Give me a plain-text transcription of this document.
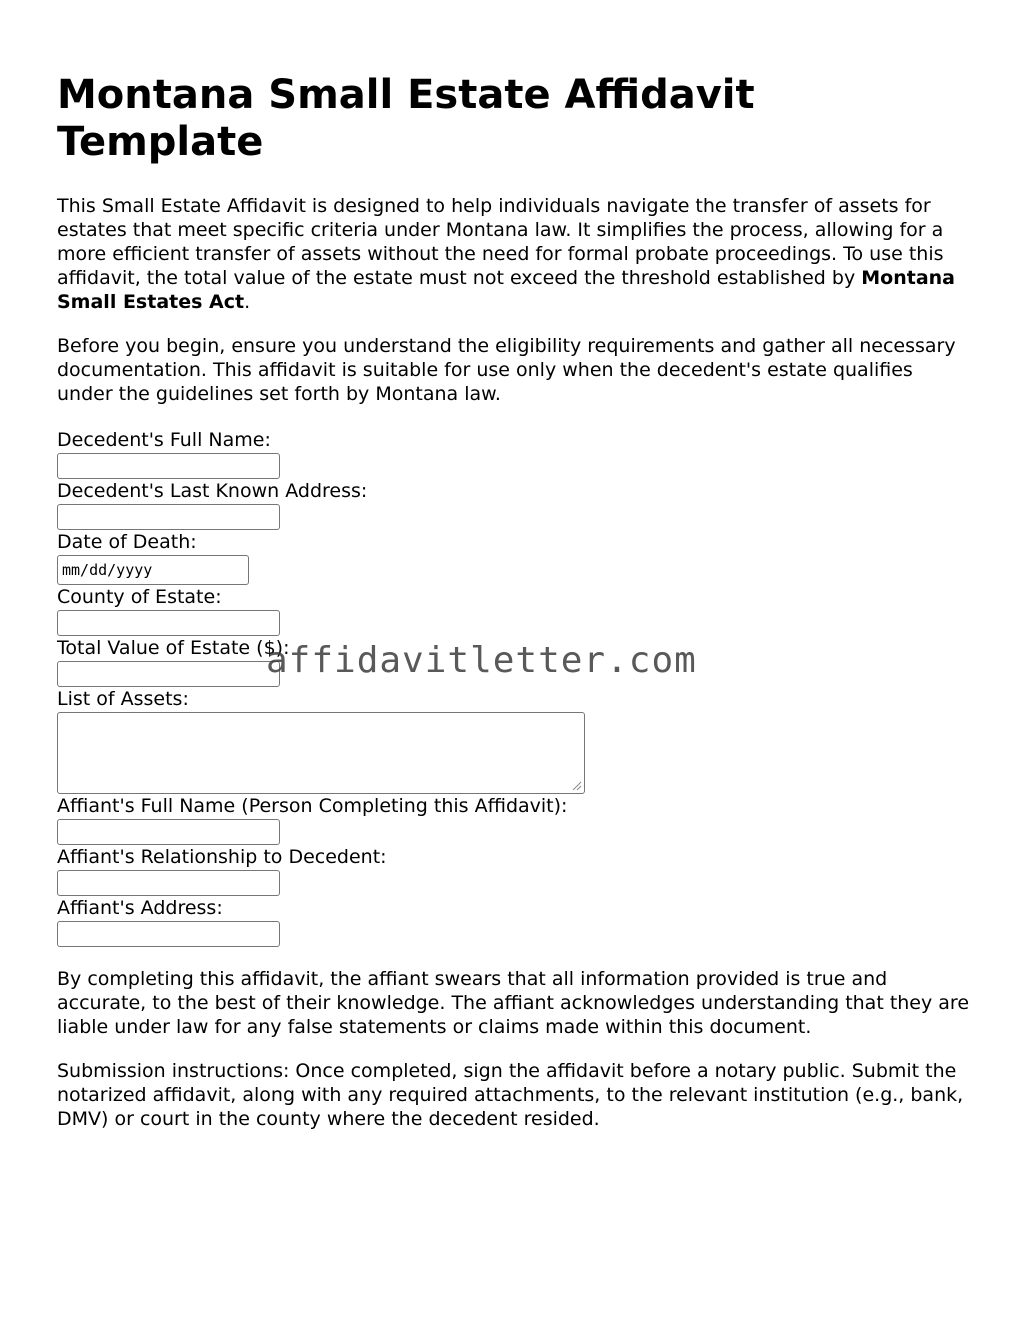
Montana Small Estate Affidavit Template

This Small Estate Affidavit is designed to help individuals navigate the transfer of assets for estates that meet specific criteria under Montana law. It simplifies the process, allowing for a more efficient transfer of assets without the need for formal probate proceedings. To use this affidavit, the total value of the estate must not exceed the threshold established by Montana Small Estates Act.

Before you begin, ensure you understand the eligibility requirements and gather all necessary documentation. This affidavit is suitable for use only when the decedent's estate qualifies under the guidelines set forth by Montana law.

Decedent's Full Name:
Decedent's Last Known Address:
Date of Death:
mm/dd/yyyy
County of Estate:
Total Value of Estate ($):
List of Assets:
Affiant's Full Name (Person Completing this Affidavit):
Affiant's Relationship to Decedent:
Affiant's Address:

By completing this affidavit, the affiant swears that all information provided is true and accurate, to the best of their knowledge. The affiant acknowledges understanding that they are liable under law for any false statements or claims made within this document.

Submission instructions: Once completed, sign the affidavit before a notary public. Submit the notarized affidavit, along with any required attachments, to the relevant institution (e.g., bank, DMV) or court in the county where the decedent resided.

affidavitletter.com
